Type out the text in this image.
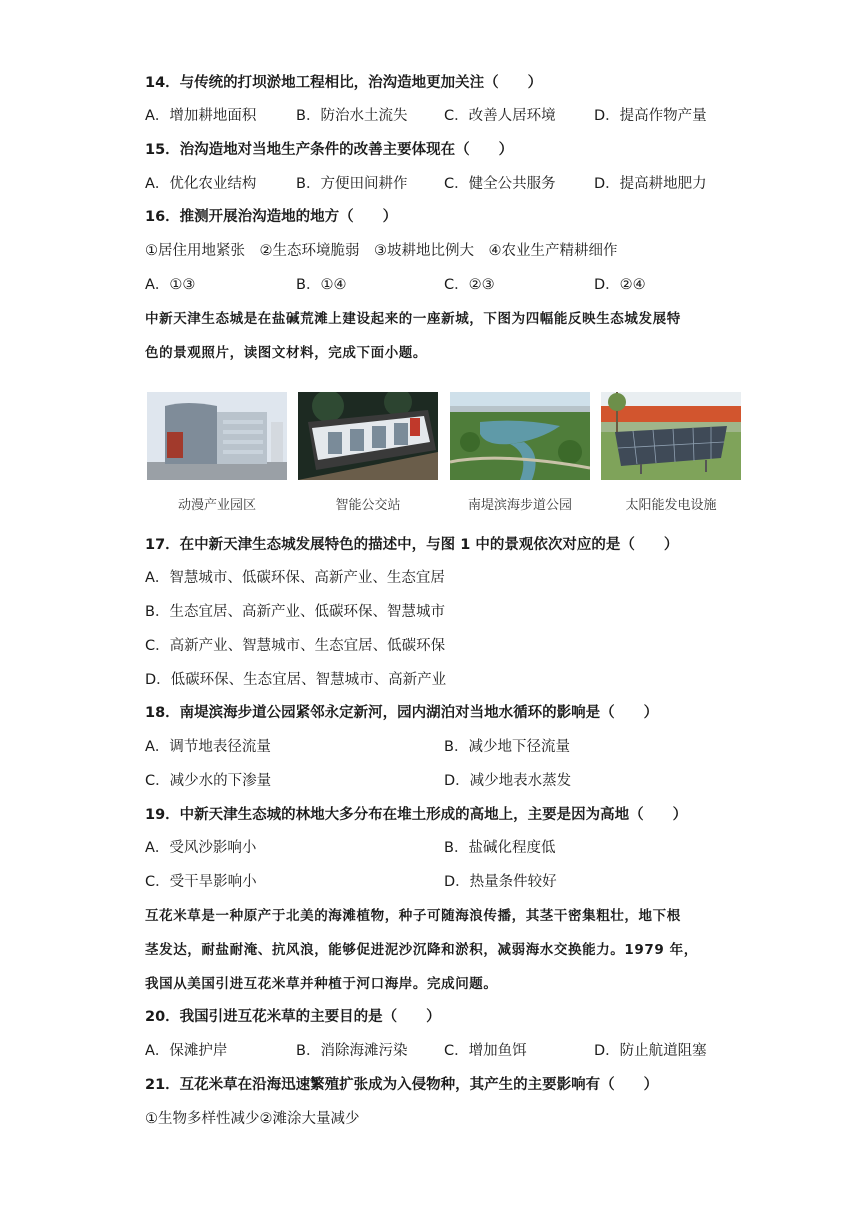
14．与传统的打坝淤地工程相比，治沟造地更加关注（　　）
A．增加耕地面积	B．防治水土流失	C．改善人居环境	D．提高作物产量
15．治沟造地对当地生产条件的改善主要体现在（　　）
A．优化农业结构	B．方便田间耕作	C．健全公共服务	D．提高耕地肥力
16．推测开展治沟造地的地方（　　）
①居住用地紧张　②生态环境脆弱　③坡耕地比例大　④农业生产精耕细作
A．①③	B．①④	C．②③	D．②④
中新天津生态城是在盐碱荒滩上建设起来的一座新城，下图为四幅能反映生态城发展特
色的景观照片，读图文材料，完成下面小题。
动漫产业园区	智能公交站	南堤滨海步道公园	太阳能发电设施
17．在中新天津生态城发展特色的描述中，与图 1 中的景观依次对应的是（　　）
A．智慧城市、低碳环保、高新产业、生态宜居
B．生态宜居、高新产业、低碳环保、智慧城市
C．高新产业、智慧城市、生态宜居、低碳环保
D．低碳环保、生态宜居、智慧城市、高新产业
18．南堤滨海步道公园紧邻永定新河，园内湖泊对当地水循环的影响是（　　）
A．调节地表径流量	B．减少地下径流量
C．减少水的下渗量	D．减少地表水蒸发
19．中新天津生态城的林地大多分布在堆土形成的高地上，主要是因为高地（　　）
A．受风沙影响小	B．盐碱化程度低
C．受干旱影响小	D．热量条件较好
互花米草是一种原产于北美的海滩植物，种子可随海浪传播，其茎干密集粗壮，地下根
茎发达，耐盐耐淹、抗风浪，能够促进泥沙沉降和淤积，减弱海水交换能力。1979 年，
我国从美国引进互花米草并种植于河口海岸。完成问题。
20．我国引进互花米草的主要目的是（　　）
A．保滩护岸	B．消除海滩污染	C．增加鱼饵	D．防止航道阻塞
21．互花米草在沿海迅速繁殖扩张成为入侵物种，其产生的主要影响有（　　）
①生物多样性减少②滩涂大量减少
